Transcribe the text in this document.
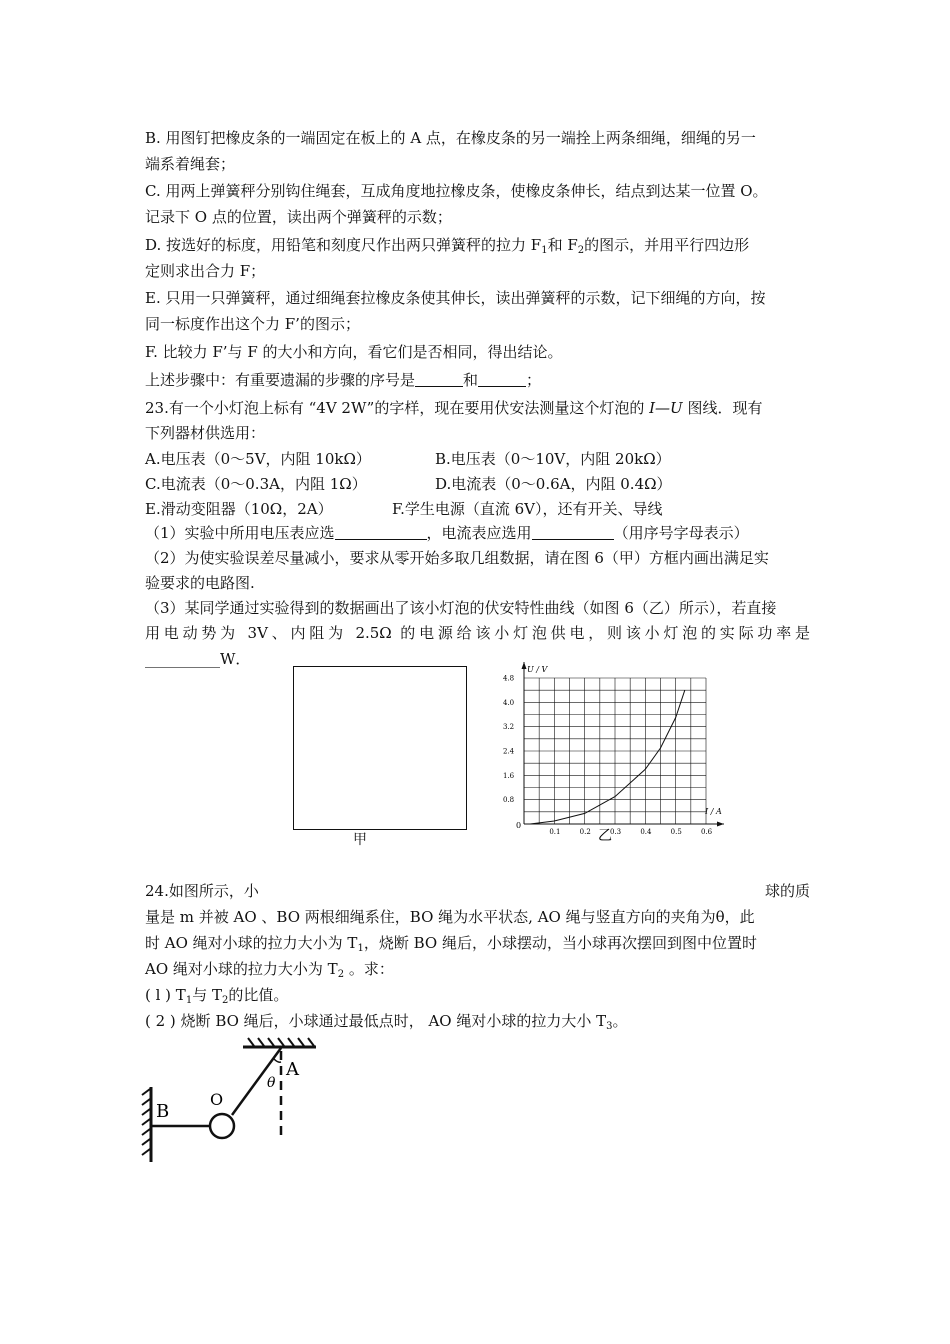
B. 用图钉把橡皮条的一端固定在板上的 A 点，在橡皮条的另一端拴上两条细绳，细绳的另一
端系着绳套；
C. 用两上弹簧秤分别钩住绳套，互成角度地拉橡皮条，使橡皮条伸长，结点到达某一位置 O。
记录下 O 点的位置，读出两个弹簧秤的示数；
D. 按选好的标度，用铅笔和刻度尺作出两只弹簧秤的拉力 $F_1$和 $F_2$的图示，并用平行四边形
定则求出合力 F；
E. 只用一只弹簧秤，通过细绳套拉橡皮条使其伸长，读出弹簧秤的示数，记下细绳的方向，按
同一标度作出这个力 F’的图示；
F. 比较力 F’与 F 的大小和方向，看它们是否相同，得出结论。
上述步骤中：有重要遗漏的步骤的序号是	和	；
23.有一个小灯泡上标有 “4V 2W”的字样，现在要用伏安法测量这个灯泡的 I—U 图线．现有
下列器材供选用：
A.电压表（0～5V，内阻 10kΩ）	B.电压表（0～10V，内阻 20kΩ）
C.电流表（0～0.3A，内阻 1Ω）	D.电流表（0～0.6A，内阻 0.4Ω）
E.滑动变阻器（10Ω，2A）	F.学生电源（直流 6V），还有开关、导线
（1）实验中所用电压表应选	，电流表应选用	（用序号字母表示）
（2）为使实验误差尽量减小，要求从零开始多取几组数据，请在图 6（甲）方框内画出满足实
验要求的电路图.
（3）某同学通过实验得到的数据画出了该小灯泡的伏安特性曲线（如图 6（乙）所示），若直接
用电动势为 3V、内阻为 2.5Ω 的电源给该小灯泡供电，则该小灯泡的实际功率是
__________W．
甲	0.1	0.2	0.3	0.4	0.5	0.6
0.8
1.6
2.4
3.2
4.0
4.8
U / V
I / A
0
乙
24.如图所示，小	球的质
量是 m 并被 AO 、BO 两根细绳系住，BO 绳为水平状态, AO 绳与竖直方向的夹角为θ，此
时 AO 绳对小球的拉力大小为 $T_1$，烧断 BO 绳后，小球摆动，当小球再次摆回到图中位置时
AO 绳对小球的拉力大小为 $T_2$ 。求：
( l ) $T_1$与 $T_2$的比值。
( 2 ) 烧断 BO 绳后，小球通过最低点时， AO 绳对小球的拉力大小 $T_3$。
A
θ
O
B
